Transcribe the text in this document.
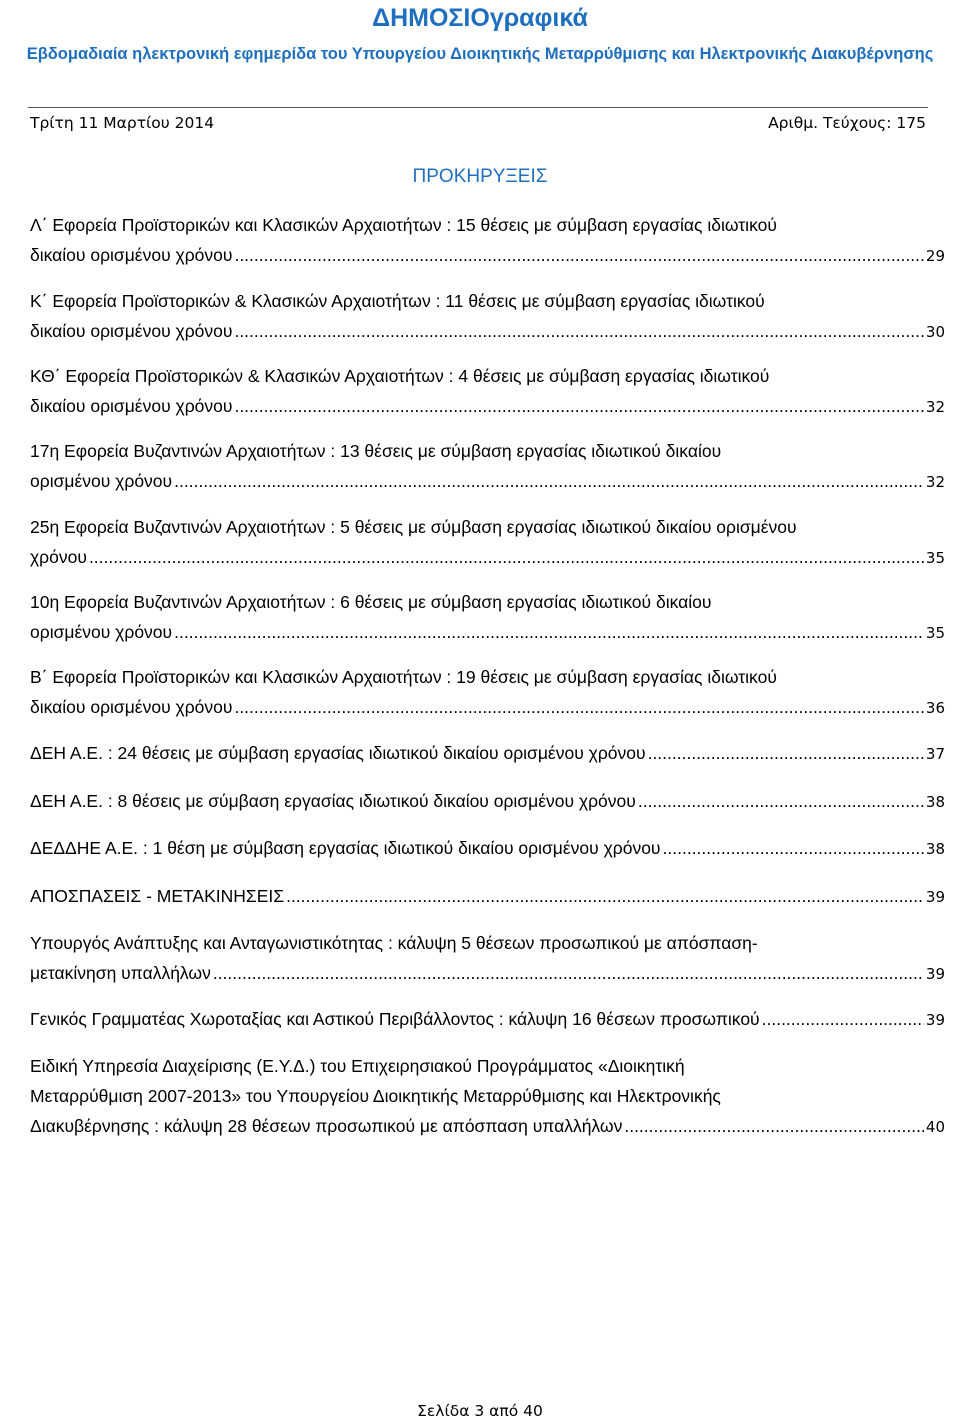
ΔΗΜΟΣΙΟγραφικά
Εβδομαδιαία ηλεκτρονική εφημερίδα του Υπουργείου Διοικητικής Μεταρρύθμισης και Ηλεκτρονικής Διακυβέρνησης
Τρίτη 11 Μαρτίου 2014	Αριθμ. Τεύχους: 175
ΠΡΟΚΗΡΥΞΕΙΣ
Λ΄ Εφορεία Προϊστορικών και Κλασικών Αρχαιοτήτων : 15 θέσεις με σύμβαση εργασίας ιδιωτικού
δικαίου ορισμένου χρόνου .....	29
Κ΄ Εφορεία Προϊστορικών & Κλασικών Αρχαιοτήτων : 11 θέσεις με σύμβαση εργασίας ιδιωτικού
δικαίου ορισμένου χρόνου .....	30
ΚΘ΄ Εφορεία Προϊστορικών & Κλασικών Αρχαιοτήτων : 4 θέσεις με σύμβαση εργασίας ιδιωτικού
δικαίου ορισμένου χρόνου .....	32
17η Εφορεία Βυζαντινών Αρχαιοτήτων : 13 θέσεις με σύμβαση εργασίας ιδιωτικού δικαίου
ορισμένου χρόνου .....	32
25η Εφορεία Βυζαντινών Αρχαιοτήτων : 5 θέσεις με σύμβαση εργασίας ιδιωτικού δικαίου ορισμένου
χρόνου .....	35
10η Εφορεία Βυζαντινών Αρχαιοτήτων : 6 θέσεις με σύμβαση εργασίας ιδιωτικού δικαίου
ορισμένου χρόνου .....	35
Β΄ Εφορεία Προϊστορικών και Κλασικών Αρχαιοτήτων : 19 θέσεις με σύμβαση εργασίας ιδιωτικού
δικαίου ορισμένου χρόνου .....	36
ΔΕΗ Α.Ε. : 24 θέσεις με σύμβαση εργασίας ιδιωτικού δικαίου ορισμένου χρόνου .....	37
ΔΕΗ Α.Ε. : 8 θέσεις με σύμβαση εργασίας ιδιωτικού δικαίου ορισμένου χρόνου .....	38
ΔΕΔΔΗΕ Α.Ε. : 1 θέση με σύμβαση εργασίας ιδιωτικού δικαίου ορισμένου χρόνου .....	38
ΑΠΟΣΠΑΣΕΙΣ - ΜΕΤΑΚΙΝΗΣΕΙΣ .....	39
Υπουργός Ανάπτυξης και Ανταγωνιστικότητας : κάλυψη 5 θέσεων προσωπικού με απόσπαση-
μετακίνηση υπαλλήλων .....	39
Γενικός Γραμματέας Χωροταξίας και Αστικού Περιβάλλοντος : κάλυψη 16 θέσεων προσωπικού .....	39
Ειδική Υπηρεσία Διαχείρισης (Ε.Υ.Δ.) του Επιχειρησιακού Προγράμματος «Διοικητική
Μεταρρύθμιση 2007-2013» του Υπουργείου Διοικητικής Μεταρρύθμισης και Ηλεκτρονικής
Διακυβέρνησης : κάλυψη 28 θέσεων προσωπικού με απόσπαση υπαλλήλων .....	40
Σελίδα 3 από 40
